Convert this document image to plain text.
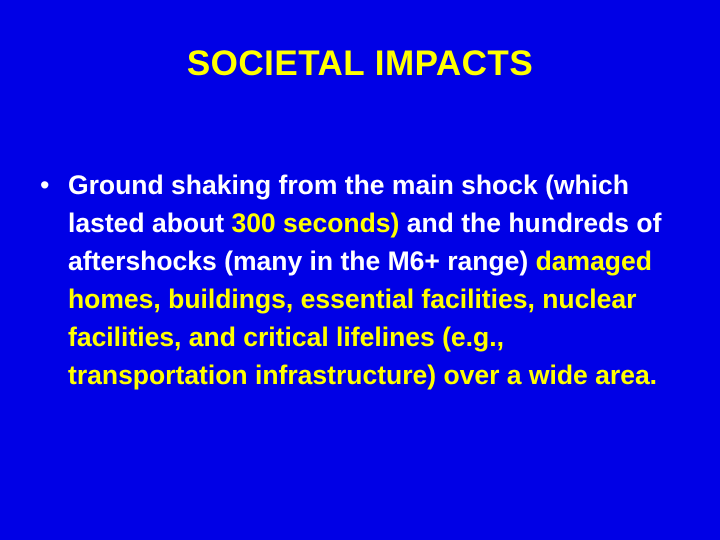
SOCIETAL IMPACTS
• Ground shaking from the main shock (which lasted about 300 seconds) and the hundreds of aftershocks (many in the M6+ range) damaged homes, buildings, essential facilities, nuclear facilities, and critical lifelines (e.g., transportation infrastructure) over a wide area.
